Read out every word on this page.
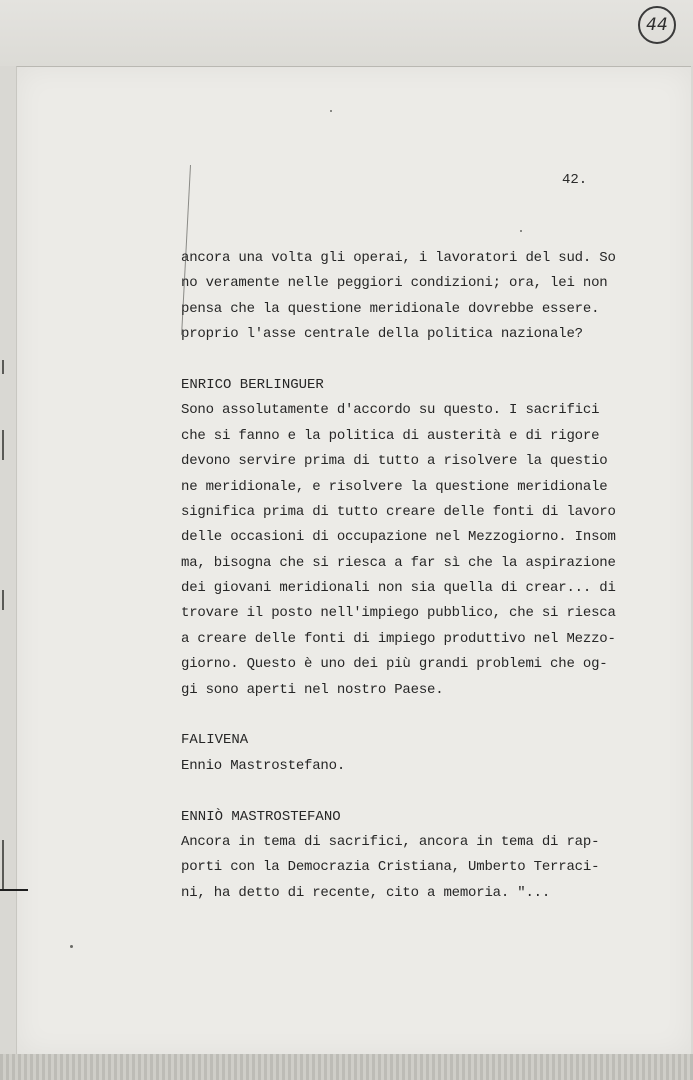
44
42.
ancora una volta gli operai, i lavoratori del sud. So
no veramente nelle peggiori condizioni; ora, lei non
pensa che la questione meridionale dovrebbe essere.
proprio l'asse centrale della politica nazionale?
ENRICO BERLINGUER
Sono assolutamente d'accordo su questo. I sacrifici
che si fanno e la politica di austerità e di rigore
devono servire prima di tutto a risolvere la questio
ne meridionale, e risolvere la questione meridionale
significa prima di tutto creare delle fonti di lavoro
delle occasioni di occupazione nel Mezzogiorno. Insom
ma, bisogna che si riesca a far sì che la aspirazione
dei giovani meridionali non sia quella di crear... di
trovare il posto nell'impiego pubblico, che si riesca
a creare delle fonti di impiego produttivo nel Mezzo-
giorno. Questo è uno dei più grandi problemi che og-
gi sono aperti nel nostro Paese.
FALIVENA
Ennio Mastrostefano.
ENNIÒ MASTROSTEFANO
Ancora in tema di sacrifici, ancora in tema di rap-
porti con la Democrazia Cristiana, Umberto Terraci-
ni, ha detto di recente, cito a memoria. "...
